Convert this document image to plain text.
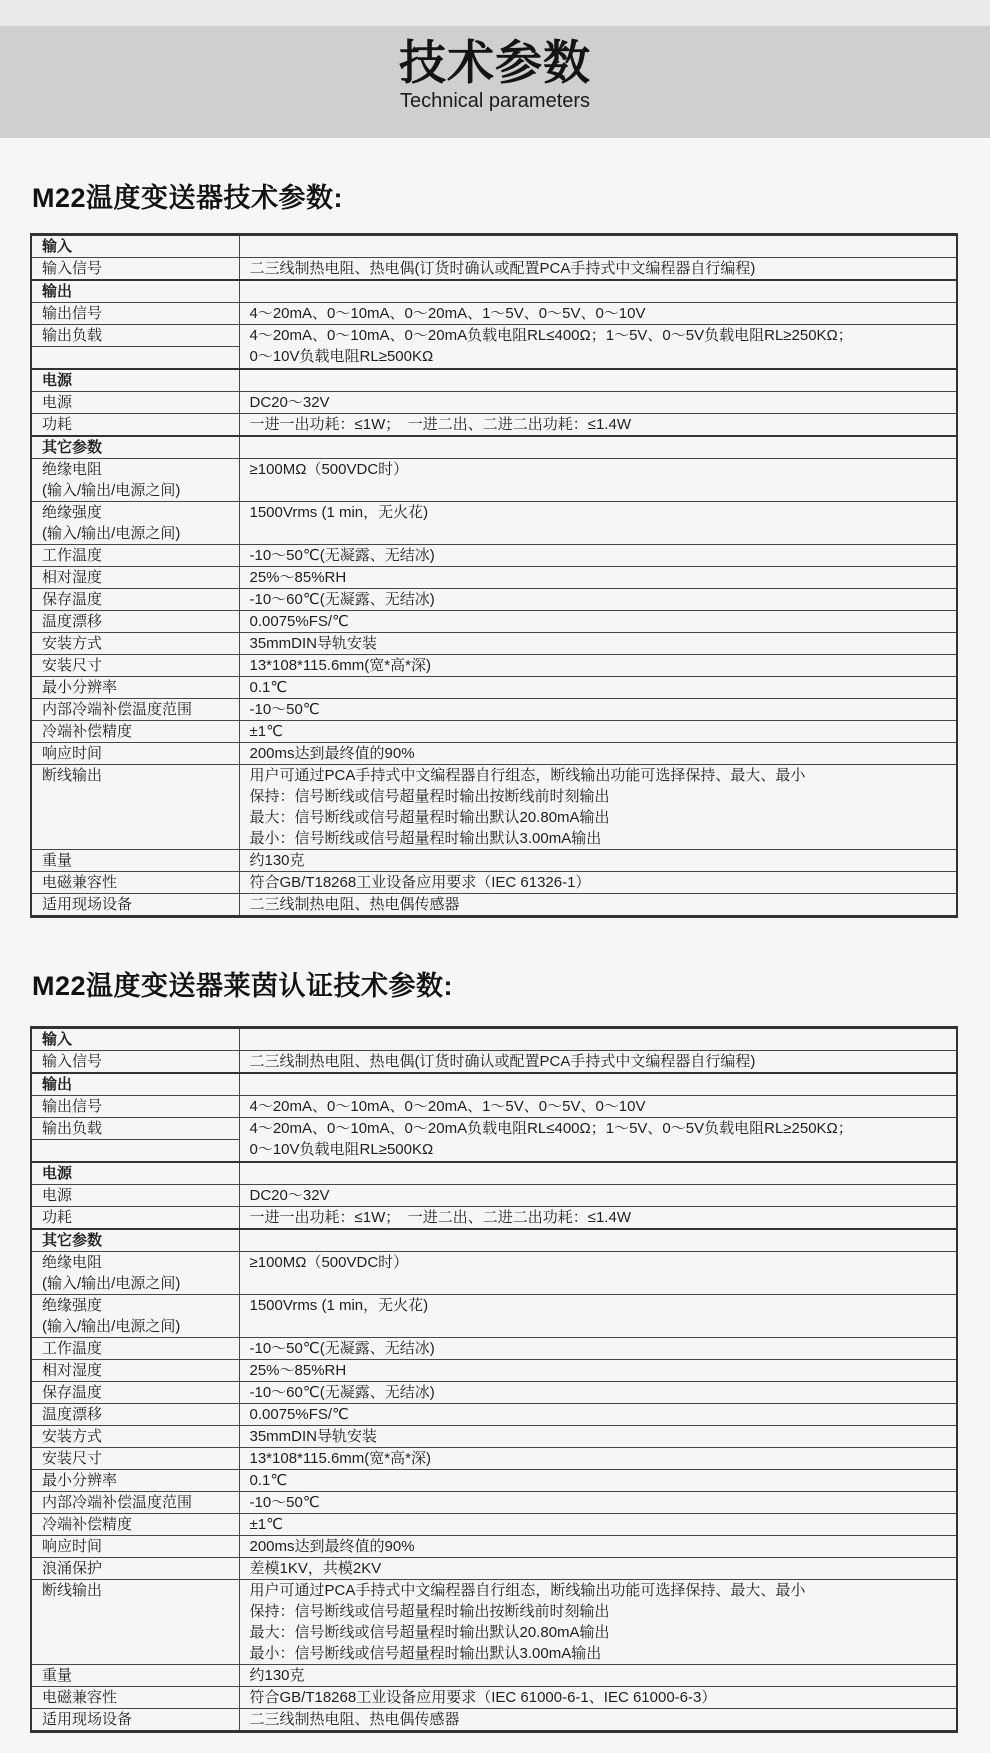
技术参数
Technical parameters
M22温度变送器技术参数:
输入	
输入信号	二三线制热电阻、热电偶(订货时确认或配置PCA手持式中文编程器自行编程)
输出	
输出信号	4～20mA、0～10mA、0～20mA、1～5V、0～5V、0～10V
输出负载	4～20mA、0～10mA、0～20mA负载电阻RL≤400Ω；1～5V、0～5V负载电阻RL≥250KΩ；
0～10V负载电阻RL≥500KΩ

电源	
电源	DC20～32V
功耗	一进一出功耗：≤1W；　一进二出、二进二出功耗：≤1.4W
其它参数	
绝缘电阻
(输入/输出/电源之间)	≥100MΩ（500VDC时）
绝缘强度
(输入/输出/电源之间)	1500Vrms (1 min，无火花)
工作温度	-10～50℃(无凝露、无结冰)
相对湿度	25%～85%RH
保存温度	-10～60℃(无凝露、无结冰)
温度漂移	0.0075%FS/℃
安装方式	35mmDIN导轨安装
安装尺寸	13*108*115.6mm(宽*高*深)
最小分辨率	0.1℃
内部冷端补偿温度范围	-10～50℃
冷端补偿精度	±1℃
响应时间	200ms达到最终值的90%
断线输出	用户可通过PCA手持式中文编程器自行组态，断线输出功能可选择保持、最大、最小
保持：信号断线或信号超量程时输出按断线前时刻输出
最大：信号断线或信号超量程时输出默认20.80mA输出
最小：信号断线或信号超量程时输出默认3.00mA输出

重量	约130克
电磁兼容性	符合GB/T18268工业设备应用要求（IEC 61326-1）
适用现场设备	二三线制热电阻、热电偶传感器
M22温度变送器莱茵认证技术参数:
输入	
输入信号	二三线制热电阻、热电偶(订货时确认或配置PCA手持式中文编程器自行编程)
输出	
输出信号	4～20mA、0～10mA、0～20mA、1～5V、0～5V、0～10V
输出负载	4～20mA、0～10mA、0～20mA负载电阻RL≤400Ω；1～5V、0～5V负载电阻RL≥250KΩ；
0～10V负载电阻RL≥500KΩ

电源	
电源	DC20～32V
功耗	一进一出功耗：≤1W；　一进二出、二进二出功耗：≤1.4W
其它参数	
绝缘电阻
(输入/输出/电源之间)	≥100MΩ（500VDC时）
绝缘强度
(输入/输出/电源之间)	1500Vrms (1 min，无火花)
工作温度	-10～50℃(无凝露、无结冰)
相对湿度	25%～85%RH
保存温度	-10～60℃(无凝露、无结冰)
温度漂移	0.0075%FS/℃
安装方式	35mmDIN导轨安装
安装尺寸	13*108*115.6mm(宽*高*深)
最小分辨率	0.1℃
内部冷端补偿温度范围	-10～50℃
冷端补偿精度	±1℃
响应时间	200ms达到最终值的90%
浪涌保护	差模1KV，共模2KV
断线输出	用户可通过PCA手持式中文编程器自行组态，断线输出功能可选择保持、最大、最小
保持：信号断线或信号超量程时输出按断线前时刻输出
最大：信号断线或信号超量程时输出默认20.80mA输出
最小：信号断线或信号超量程时输出默认3.00mA输出

重量	约130克
电磁兼容性	符合GB/T18268工业设备应用要求（IEC 61000-6-1、IEC 61000-6-3）
适用现场设备	二三线制热电阻、热电偶传感器
